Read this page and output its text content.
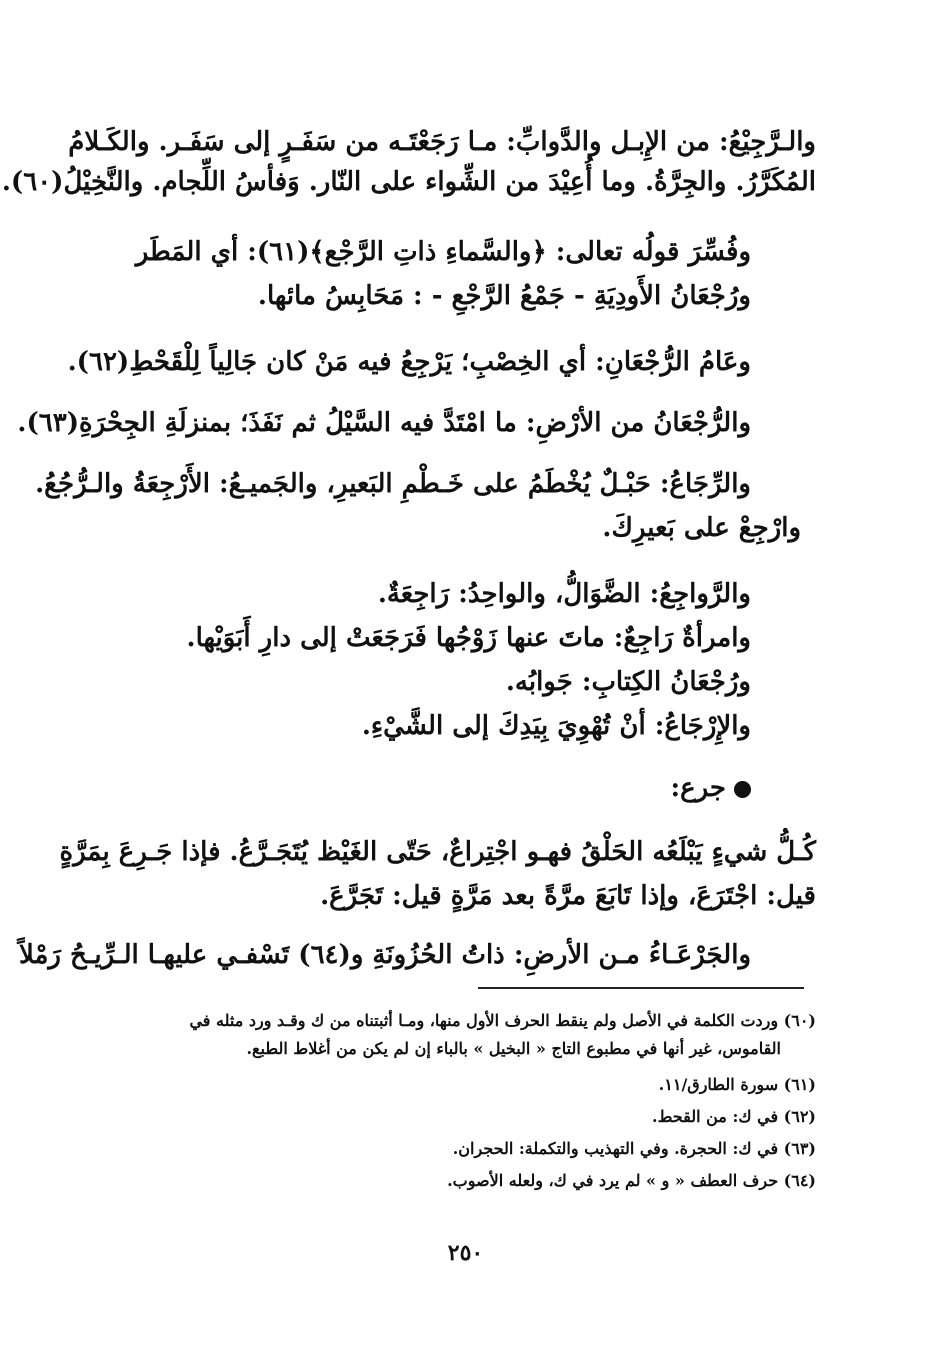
والـرَّجِيْعُ: من الإِبـل والدَّوابِّ: مـا رَجَعْتَـه من سَفَـرٍ إلى سَفَـر. والكَـلامُ
المُكَرَّرُ. والجِرَّةُ. وما أُعِيْدَ من الشِّواء على النّار. وَفأسُ اللِّجام. والنَّخِيْلُ(٦٠).
وفُسِّرَ قولُه تعالى: ﴿والسَّماءِ ذاتِ الرَّجْع﴾(٦١): أي المَطَر
ورُجْعَانُ الأَودِيَةِ - جَمْعُ الرَّجْعِ - : مَحَابِسُ مائها.
وعَامُ الرُّجْعَانِ: أي الخِصْبِ؛ يَرْجِعُ فيه مَنْ كان جَالِياً لِلْقَحْطِ(٦٢).
والرُّجْعَانُ من الأرْضِ: ما امْتَدَّ فيه السَّيْلُ ثم نَفَذَ؛ بمنزلَةِ الجِحْرَةِ(٦٣).
والرِّجَاعُ: حَبْـلٌ يُخْطَمُ على خَـطْمِ البَعيرِ، والجَميـعُ: الأَرْجِعَةُ والـرُّجُعُ.
وارْجِعْ على بَعيرِكَ.
والرَّواجِعُ: الضَّوَالُّ، والواحِدُ: رَاجِعَةٌ.
وامرأةٌ رَاجِعٌ: ماتَ عنها زَوْجُها فَرَجَعَتْ إلى دارِ أَبَوَيْها.
ورُجْعَانُ الكِتابِ: جَوابُه.
والإِرْجَاعُ: أنْ تُهْوِيَ بِيَدِكَ إلى الشَّيْءِ.
جرع:
كُـلُّ شيءٍ يَبْلَعُه الحَلْقُ فهـو اجْتِراعٌ، حَتّى الغَيْظ يُتَجَـرَّعُ. فإذا جَـرِعَ بِمَرَّةٍ
قيل: اجْتَرَعَ، وإذا تَابَعَ مرَّةً بعد مَرَّةٍ قيل: تَجَرَّعَ.
والجَرْعَـاءُ مـن الأرضِ: ذاتُ الحُزُونَةِ و(٦٤) تَسْفـي عليهـا الـرِّيـحُ رَمْلاً
(٦٠) وردت الكلمة في الأصل ولم ينقط الحرف الأول منها، ومـا أثبتناه من ك وقـد ورد مثله في
القاموس، غير أنها في مطبوع التاج « البخيل » بالباء إن لم يكن من أغلاط الطبع.
(٦١) سورة الطارق/١١.
(٦٢) في ك: من القحط.
(٦٣) في ك: الحجرة. وفي التهذيب والتكملة: الحجران.
(٦٤) حرف العطف « و » لم يرد في ك، ولعله الأصوب.
٢٥٠
